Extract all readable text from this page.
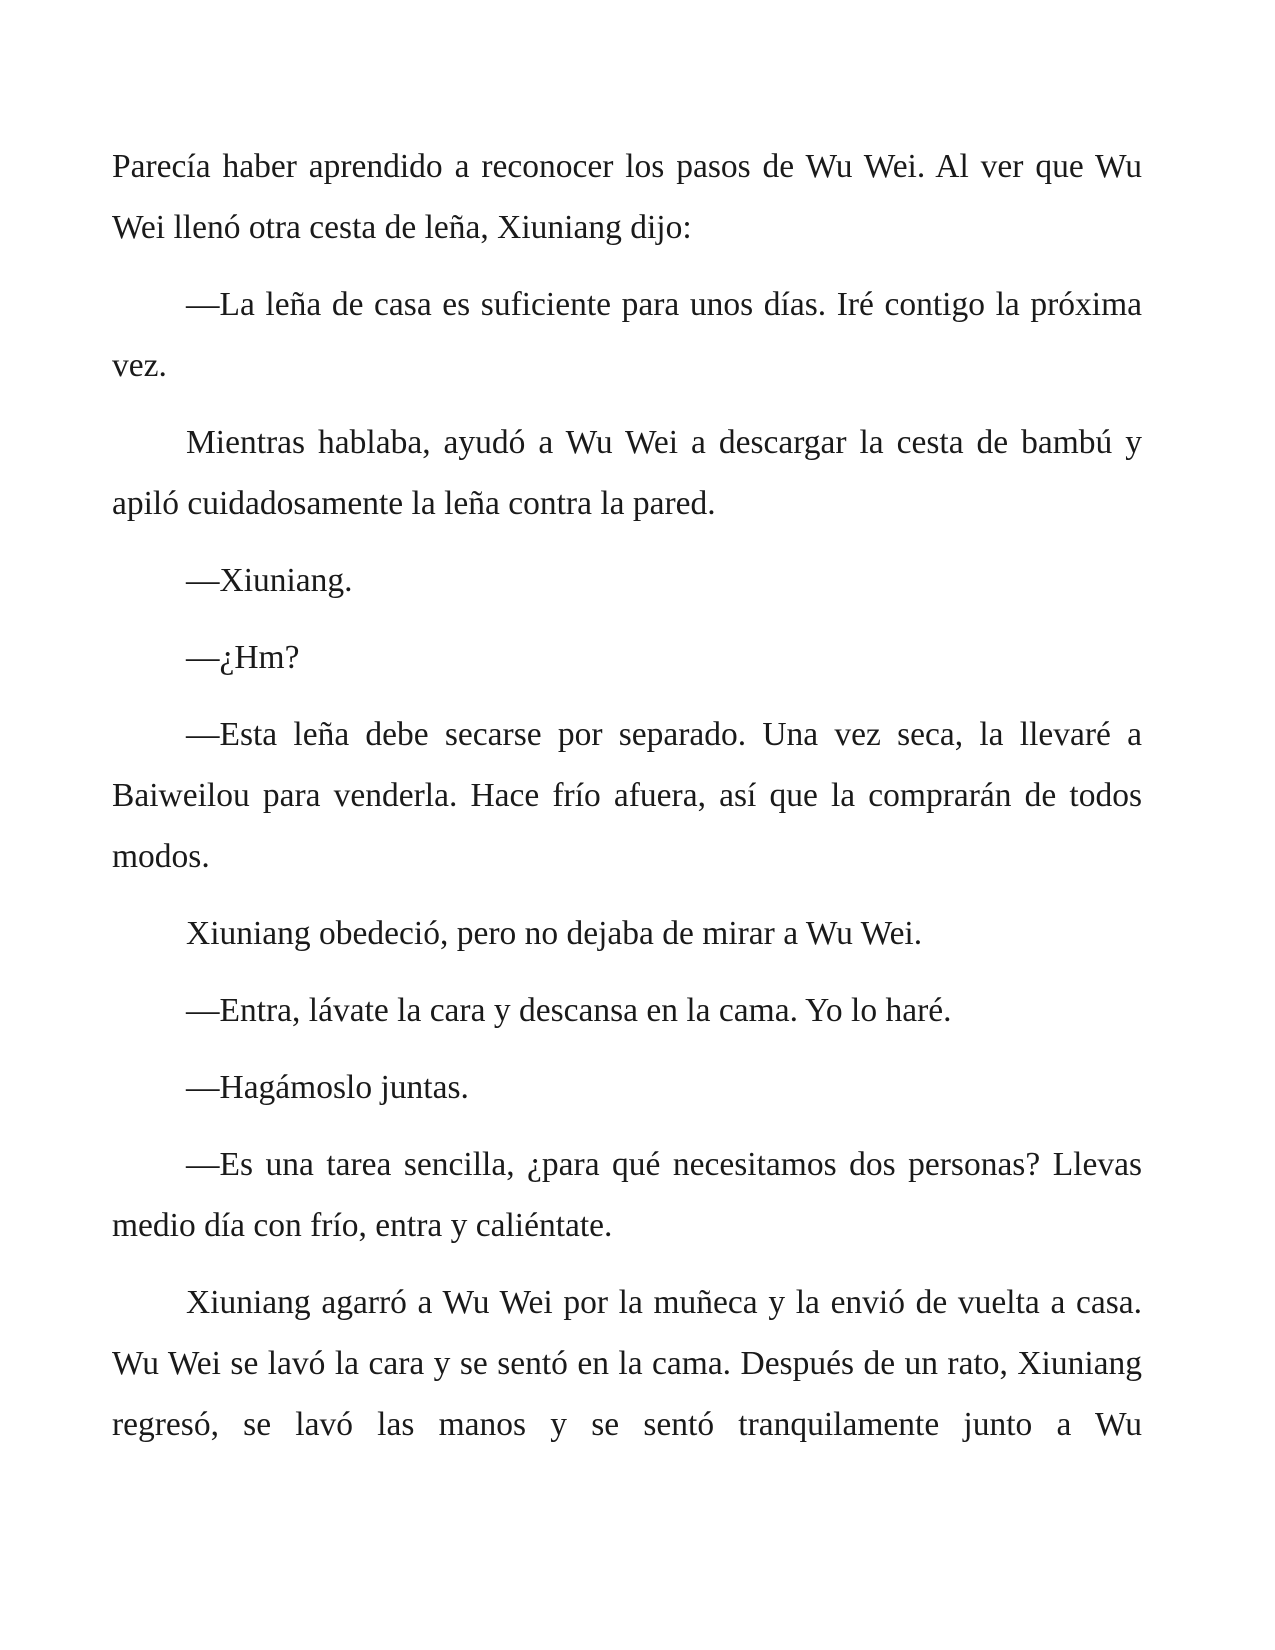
Parecía haber aprendido a reconocer los pasos de Wu Wei. Al ver que Wu Wei llenó otra cesta de leña, Xiuniang dijo:

—La leña de casa es suficiente para unos días. Iré contigo la próxima vez.

Mientras hablaba, ayudó a Wu Wei a descargar la cesta de bambú y apiló cuidadosamente la leña contra la pared.

—Xiuniang.

—¿Hm?

—Esta leña debe secarse por separado. Una vez seca, la llevaré a Baiweilou para venderla. Hace frío afuera, así que la comprarán de todos modos.

Xiuniang obedeció, pero no dejaba de mirar a Wu Wei.

—Entra, lávate la cara y descansa en la cama. Yo lo haré.

—Hagámoslo juntas.

—Es una tarea sencilla, ¿para qué necesitamos dos personas? Llevas medio día con frío, entra y caliéntate.

Xiuniang agarró a Wu Wei por la muñeca y la envió de vuelta a casa. Wu Wei se lavó la cara y se sentó en la cama. Después de un rato, Xiuniang regresó, se lavó las manos y se sentó tranquilamente junto a Wu
